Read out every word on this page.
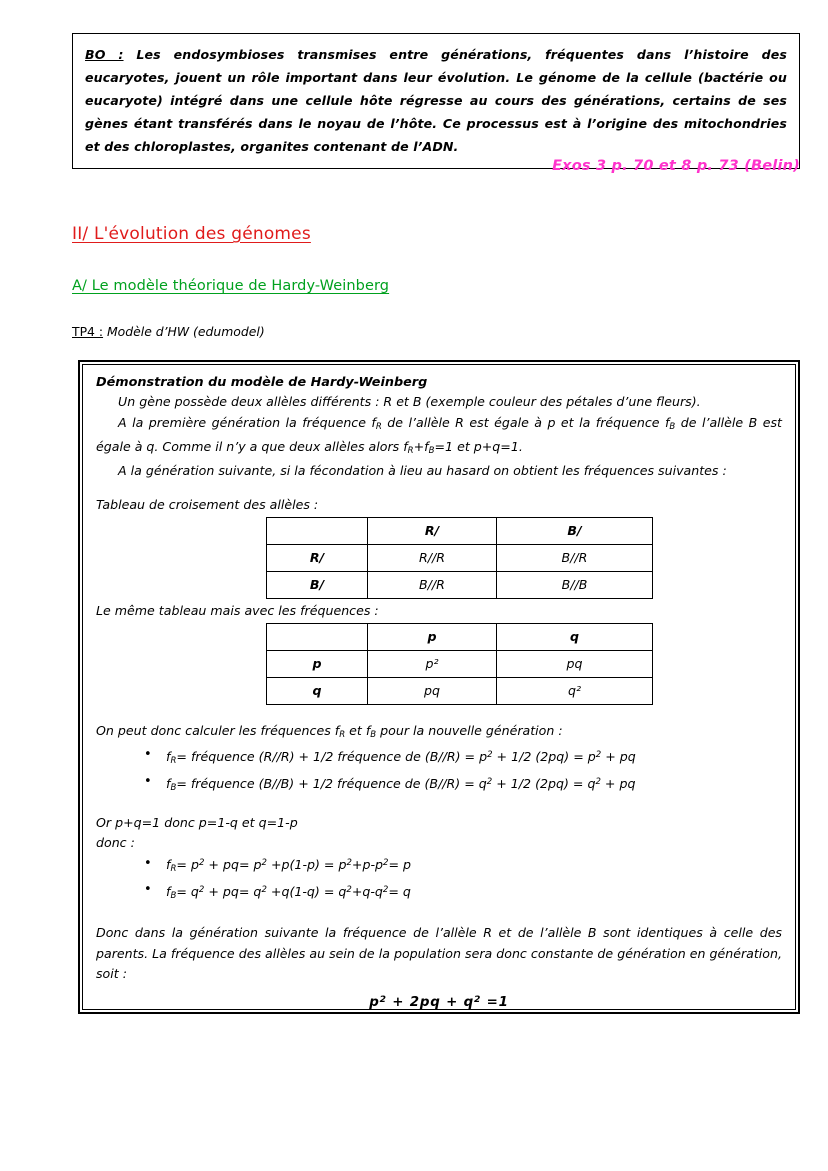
BO : Les endosymbioses transmises entre générations, fréquentes dans l’histoire des eucaryotes, jouent un rôle important dans leur évolution. Le génome de la cellule (bactérie ou eucaryote) intégré dans une cellule hôte régresse au cours des générations, certains de ses gènes étant transférés dans le noyau de l’hôte. Ce processus est à l’origine des mitochondries et des chloroplastes, organites contenant de l’ADN.
Exos 3 p. 70 et 8 p. 73 (Belin)
II/ L'évolution des génomes
A/ Le modèle théorique de Hardy-Weinberg
TP4 : Modèle d’HW (edumodel)
Démonstration du modèle de Hardy-Weinberg

Un gène possède deux allèles différents : R et B (exemple couleur des pétales d’une fleurs).

A la première génération la fréquence $f_R$ de l’allèle R est égale à p et la fréquence $f_B$ de l’allèle B est égale à q. Comme il n’y a que deux allèles alors $f_R+f_B=1$ et p+q=1.

A la génération suivante, si la fécondation à lieu au hasard on obtient les fréquences suivantes :

Tableau de croisement des allèles :
	R/	B/
R/	R//R	B//R
B/	B//R	B//B
Le même tableau mais avec les fréquences :
	p	q
p	p²	pq
q	pq	q²

On peut donc calculer les fréquences $f_R$ et $f_B$ pour la nouvelle génération :

• $f_R=$ fréquence (R//R) + 1/2 fréquence de $(B//R) = p^2 + 1/2$ $(2pq) = p^2$ + pq
• $f_B=$ fréquence (B//B) + 1/2 fréquence de $(B//R) = q^2 + 1/2$ $(2pq) = q^2$ + pq

Or p+q=1 donc p=1-q et q=1-p

donc :

• $f_R= p^2 + pq= p^2 +p(1-p) = p^2+p-p^2= p$
• $f_B= q^2 + pq= q^2 +q(1-q) = q^2+q-q^2= q$

Donc dans la génération suivante la fréquence de l’allèle R et de l’allèle B sont identiques à celle des parents. La fréquence des allèles au sein de la population sera donc constante de génération en génération, soit :

$p^2 + 2pq + q^2 =1$
